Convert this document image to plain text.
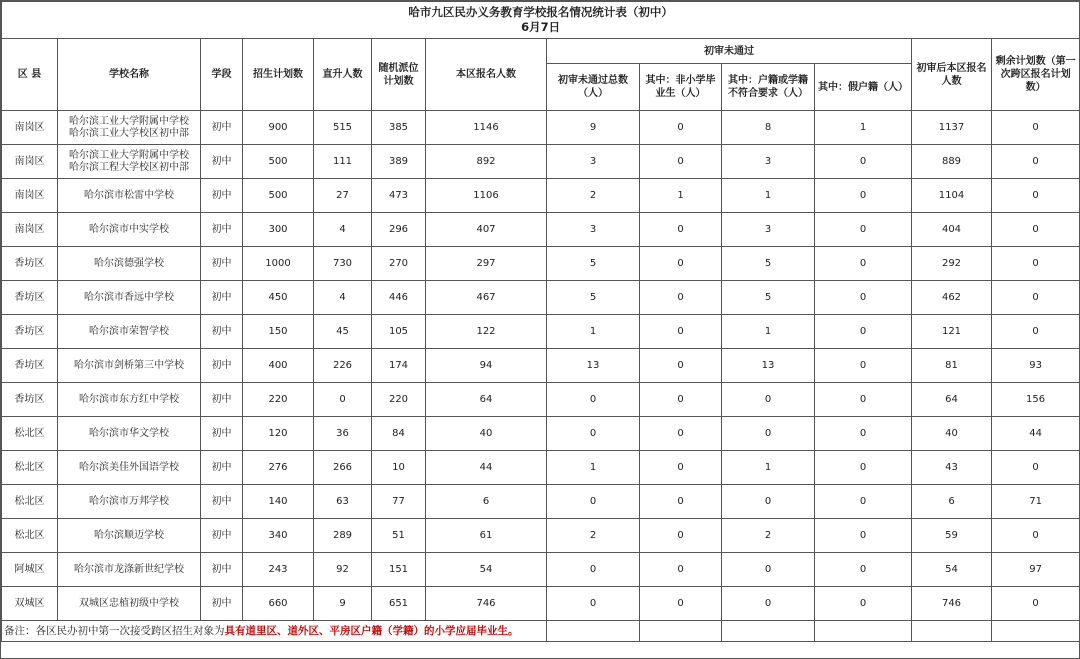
哈市九区民办义务教育学校报名情况统计表（初中）
6月7日												

区 县	学校名称	学段	招生计划数	直升人数	随机派位计划数	本区报名人数	初审未通过				初审后本区报名人数	剩余计划数（第一次跨区报名计划数）
							初审未通过总数（人）	其中：非小学毕业生（人）	其中：户籍或学籍不符合要求（人）	其中：假户籍（人）		
南岗区	哈尔滨工业大学附属中学校
哈尔滨工业大学校区初中部	初中	900	515	385	1146	9	0	8	1	1137	0
南岗区	哈尔滨工业大学附属中学校
哈尔滨工程大学校区初中部	初中	500	111	389	892	3	0	3	0	889	0
南岗区	哈尔滨市松雷中学校	初中	500	27	473	1106	2	1	1	0	1104	0
南岗区	哈尔滨市中实学校	初中	300	4	296	407	3	0	3	0	404	0
香坊区	哈尔滨德强学校	初中	1000	730	270	297	5	0	5	0	292	0
香坊区	哈尔滨市香远中学校	初中	450	4	446	467	5	0	5	0	462	0
香坊区	哈尔滨市荣智学校	初中	150	45	105	122	1	0	1	0	121	0
香坊区	哈尔滨市剑桥第三中学校	初中	400	226	174	94	13	0	13	0	81	93
香坊区	哈尔滨市东方红中学校	初中	220	0	220	64	0	0	0	0	64	156
松北区	哈尔滨市华文学校	初中	120	36	84	40	0	0	0	0	40	44
松北区	哈尔滨美佳外国语学校	初中	276	266	10	44	1	0	1	0	43	0
松北区	哈尔滨市万邦学校	初中	140	63	77	6	0	0	0	0	6	71
松北区	哈尔滨顺迈学校	初中	340	289	51	61	2	0	2	0	59	0
阿城区	哈尔滨市龙涤新世纪学校	初中	243	92	151	54	0	0	0	0	54	97
双城区	双城区忠植初级中学校	初中	660	9	651	746	0	0	0	0	746	0
备注：各区民办初中第一次接受跨区招生对象为具有道里区、道外区、平房区户籍（学籍）的小学应届毕业生。												
